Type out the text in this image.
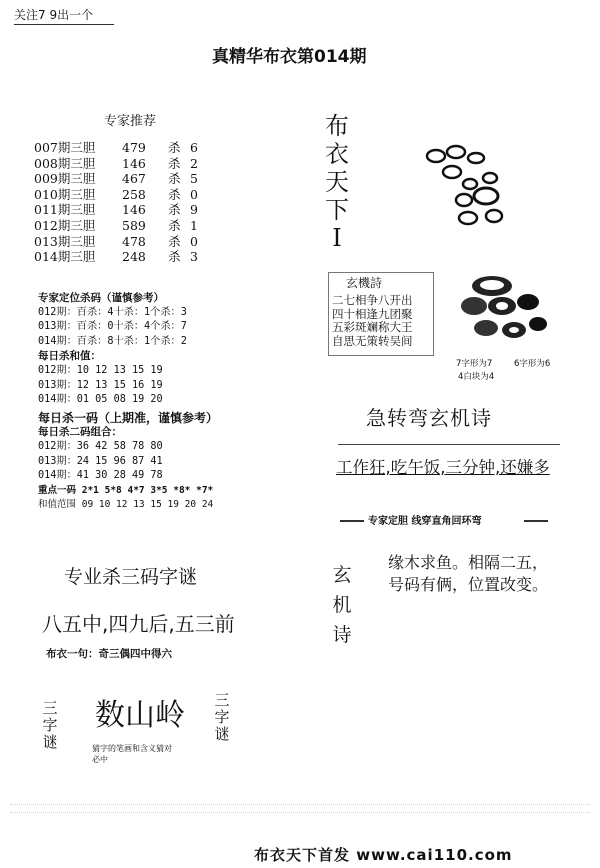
关注7 9出一个
真精华布衣第014期
专家推荐
007期三胆 479 杀 6
008期三胆 146 杀 2
009期三胆 467 杀 5
010期三胆 258 杀 0
011期三胆 146 杀 9
012期三胆 589 杀 1
013期三胆 478 杀 0
014期三胆 248 杀 3
专家定位杀码（谨慎参考）
012期：百杀：4十杀：1个杀：3
013期：百杀：0十杀：4个杀：7
014期：百杀：8十杀：1个杀：2
每日杀和值：
012期：10 12 13 15 19
013期：12 13 15 16 19
014期：01 05 08 19 20
每日杀一码（上期准，谨慎参考）
每日杀二码组合：
012期：36 42 58 78 80
013期：24 15 96 87 41
014期：41 30 28 49 78
重点一码 2*1 5*8 4*7 3*5 *8* *7*
和值范围 09 10 12 13 15 19 20 24
专业杀三码字谜
八五中,四九后,五三前
布衣一句：奇三偶四中得六
三字谜
三字谜
数山岭
猜字的笔画和含义猜对必中
布衣天下I
玄機詩
二七相争八开出
四十相逢九团聚
五彩斑斓称大王
自思无策转吴间
7字形为7
4白块为4
6字形为6
急转弯玄机诗
工作狂,吃午饭,三分钟,还嫌多
专家定胆 线穿直角回环弯
玄机诗
缘木求鱼。相隔二五，
号码有俩，位置改变。
布衣天下首发 www.cai110.com
